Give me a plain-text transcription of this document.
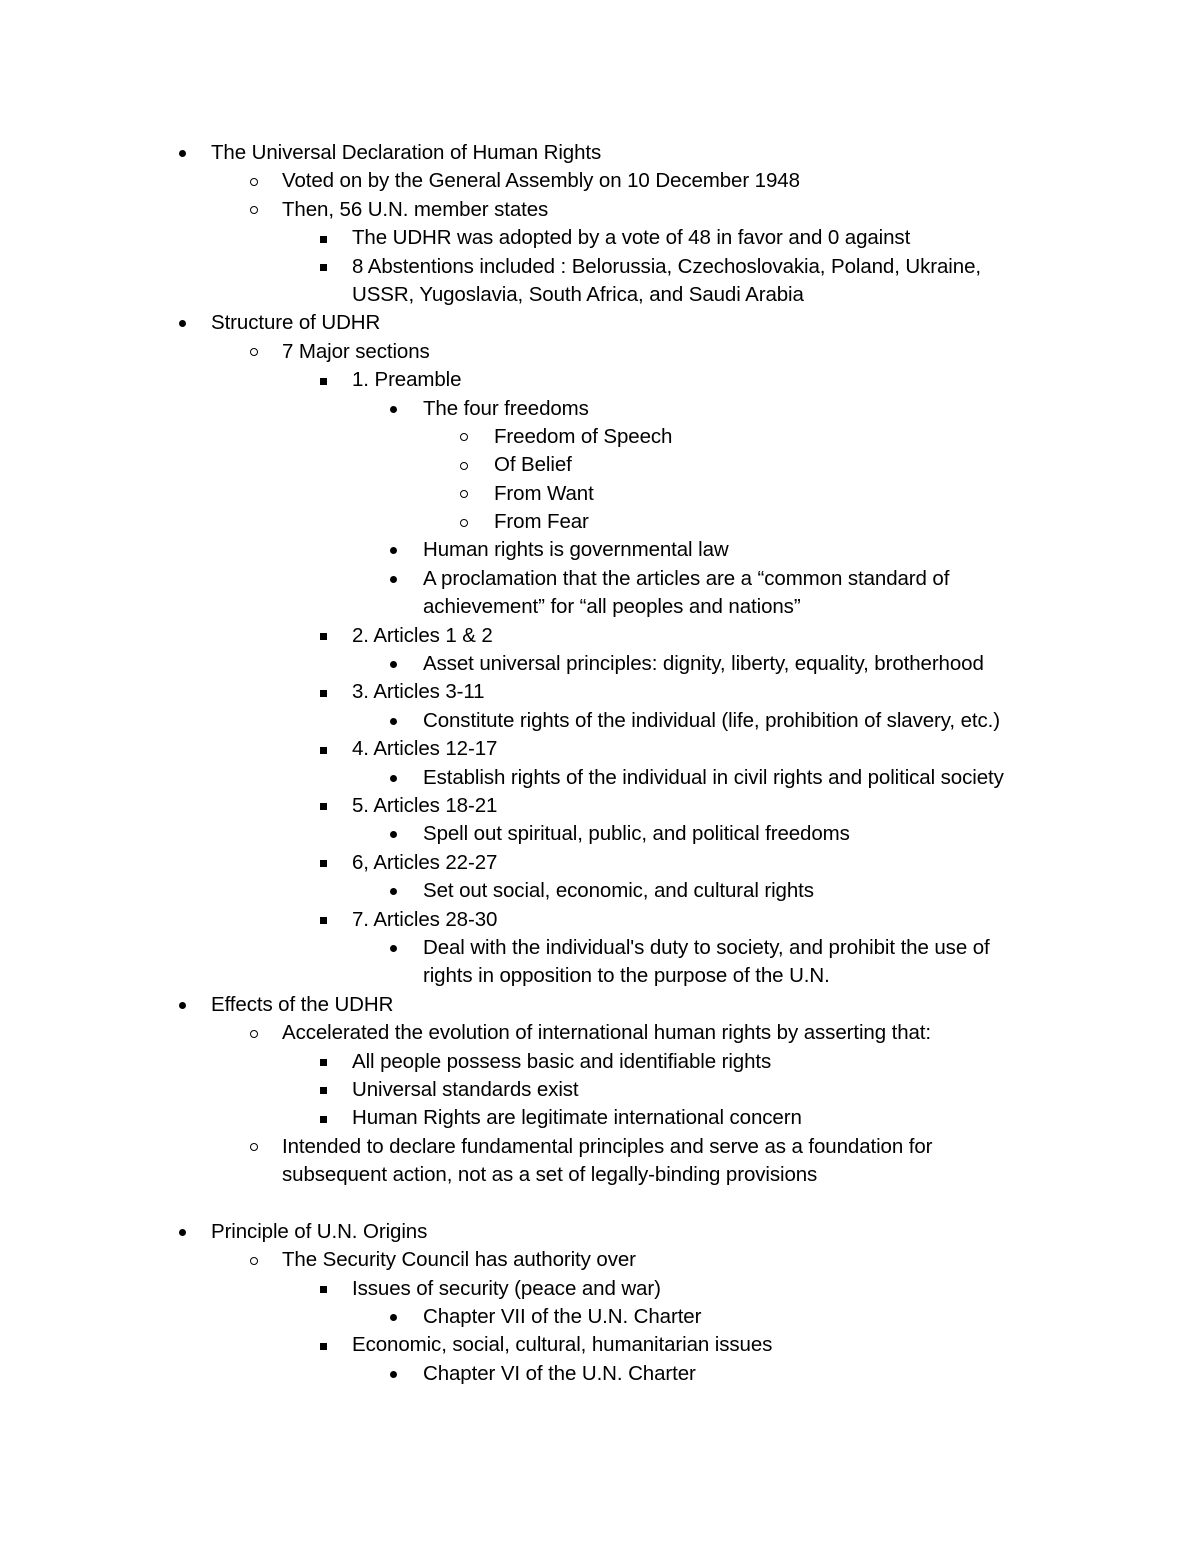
The Universal Declaration of Human Rights
Voted on by the General Assembly on 10 December 1948
Then, 56 U.N. member states
The UDHR was adopted by a vote of 48 in favor and 0 against
8 Abstentions included : Belorussia, Czechoslovakia, Poland, Ukraine,
USSR, Yugoslavia, South Africa, and Saudi Arabia
Structure of UDHR
7 Major sections
1. Preamble
The four freedoms
Freedom of Speech
Of Belief
From Want
From Fear
Human rights is governmental law
A proclamation that the articles are a “common standard of
achievement” for “all peoples and nations”
2. Articles 1 & 2
Asset universal principles: dignity, liberty, equality, brotherhood
3. Articles 3-11
Constitute rights of the individual (life, prohibition of slavery, etc.)
4. Articles 12-17
Establish rights of the individual in civil rights and political society
5. Articles 18-21
Spell out spiritual, public, and political freedoms
6, Articles 22-27
Set out social, economic, and cultural rights
7. Articles 28-30
Deal with the individual's duty to society, and prohibit the use of
rights in opposition to the purpose of the U.N.
Effects of the UDHR
Accelerated the evolution of international human rights by asserting that:
All people possess basic and identifiable rights
Universal standards exist
Human Rights are legitimate international concern
Intended to declare fundamental principles and serve as a foundation for
subsequent action, not as a set of legally-binding provisions
Principle of U.N. Origins
The Security Council has authority over
Issues of security (peace and war)
Chapter VII of the U.N. Charter
Economic, social, cultural, humanitarian issues
Chapter VI of the U.N. Charter
